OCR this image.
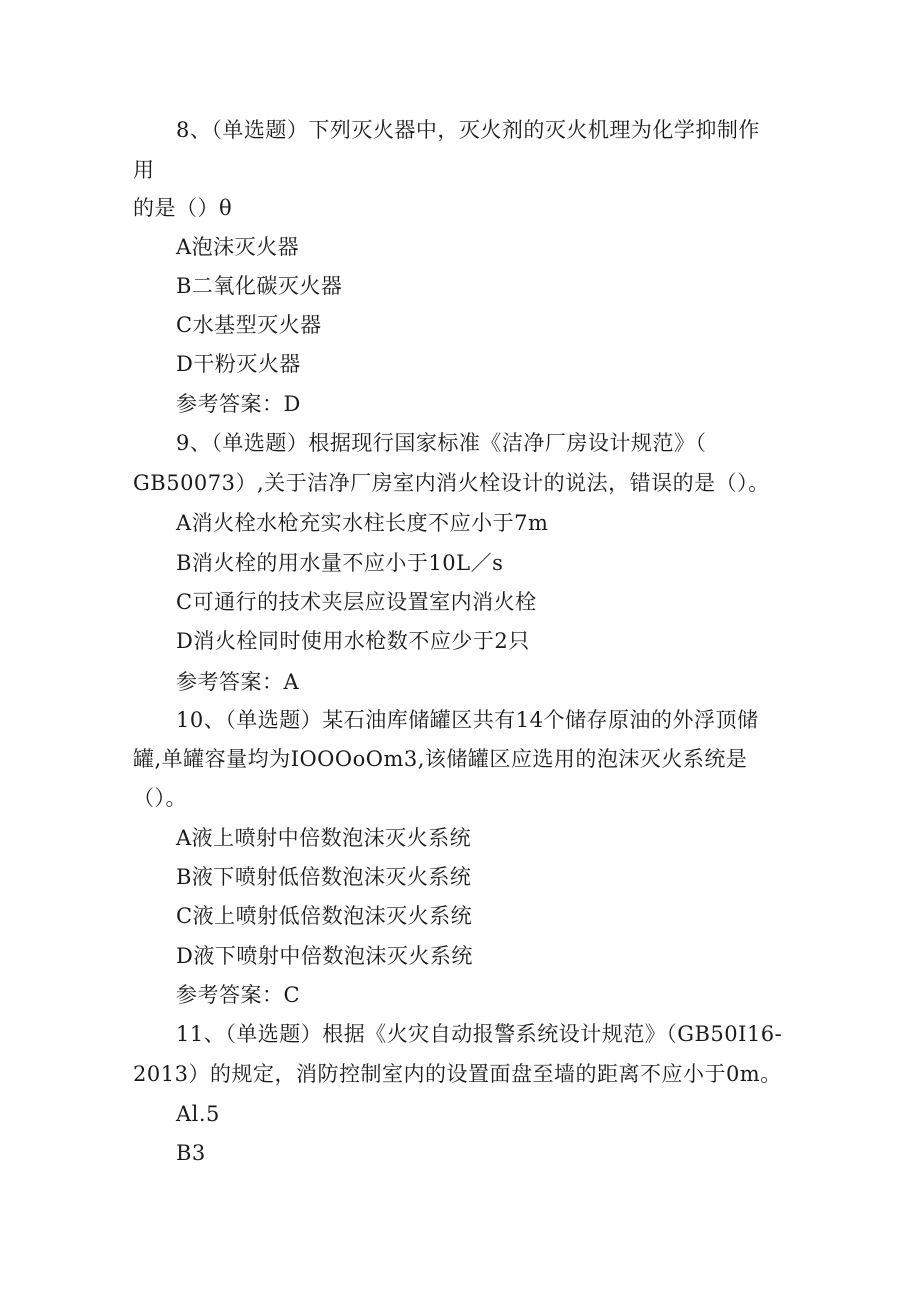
8、（单选题）下列灭火器中，灭火剂的灭火机理为化学抑制作
用
的是（）θ
A泡沫灭火器
B二氧化碳灭火器
C水基型灭火器
D干粉灭火器
参考答案：D
9、（单选题）根据现行国家标准《洁净厂房设计规范》（
GB50073）,关于洁净厂房室内消火栓设计的说法，错误的是（）。
A消火栓水枪充实水柱长度不应小于7m
B消火栓的用水量不应小于10L／s
C可通行的技术夹层应设置室内消火栓
D消火栓同时使用水枪数不应少于2只
参考答案：A
10、（单选题）某石油库储罐区共有14个储存原油的外浮顶储
罐,单罐容量均为IOOOoOm3,该储罐区应选用的泡沫灭火系统是
（）。
A液上喷射中倍数泡沫灭火系统
B液下喷射低倍数泡沫灭火系统
C液上喷射低倍数泡沫灭火系统
D液下喷射中倍数泡沫灭火系统
参考答案：C
11、（单选题）根据《火灾自动报警系统设计规范》（GB50I16-
2013）的规定，消防控制室内的设置面盘至墙的距离不应小于0m。
Al.5
B3
